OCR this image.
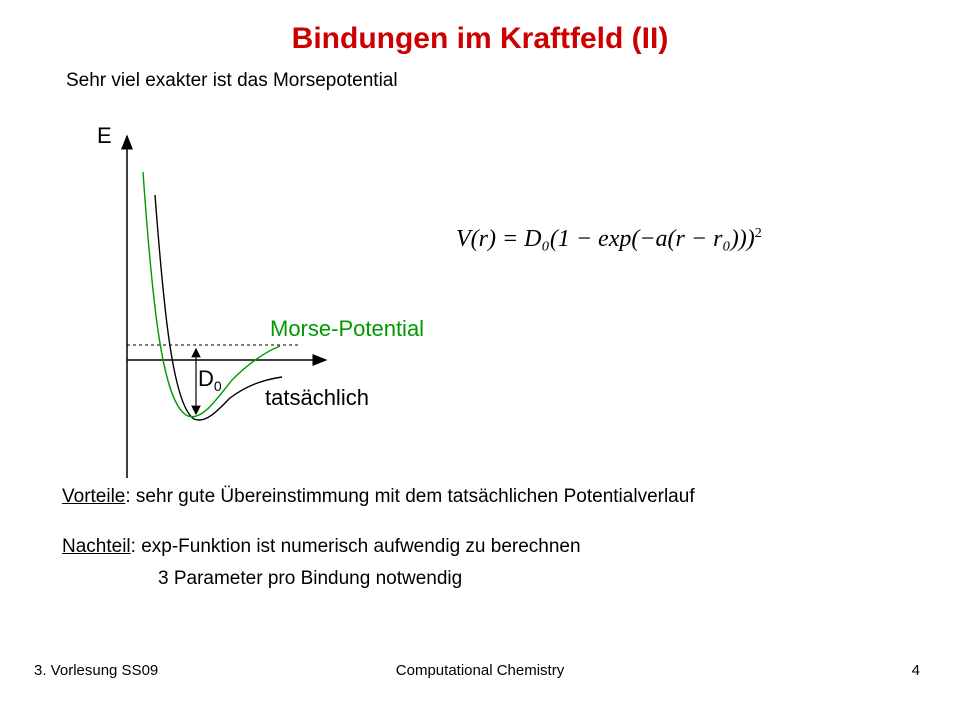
Bindungen im Kraftfeld (II)
Sehr viel exakter ist das Morsepotential
E
Morse-Potential
tatsächlich
$D_0$
$V(r) = D_0(1 - \exp(-a(r - r_0)))^2$
Vorteile: sehr gute Übereinstimmung mit dem tatsächlichen Potentialverlauf
Nachteil: exp-Funktion ist numerisch aufwendig zu berechnen
3 Parameter pro Bindung notwendig
3. Vorlesung SS09	Computational Chemistry	4
